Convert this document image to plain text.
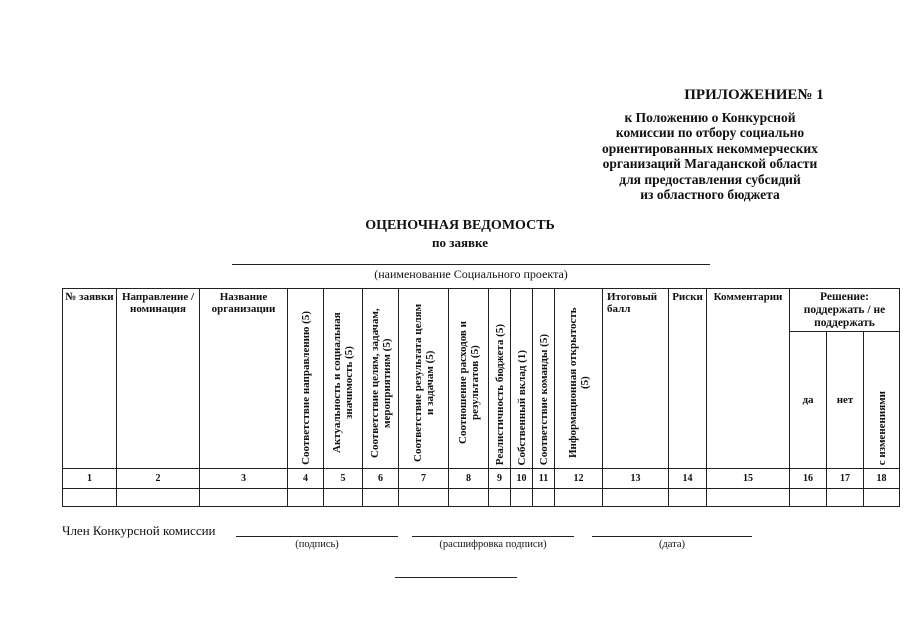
ПРИЛОЖЕНИЕ№ 1
к Положению о Конкурсной
комиссии по отбору социально
ориентированных некоммерческих
организаций Магаданской области
для предоставления субсидий
из областного бюджета
ОЦЕНОЧНАЯ ВЕДОМОСТЬ
по заявке
(наименование Социального проекта)
№ заявки	Направление / номинация	Название организации	Соответствие направлению (5)	Актуальность и социальная значимость (5)	Соответствие целям, задачам, мероприятиям (5)	Соответствие результата целям и задачам (5)	Соотношение расходов и результатов (5)	Реалистичность бюджета (5)	Собственный вклад (1)	Соответствие команды (5)	Информационная открытость (5)	Итоговый балл	Риски	Комментарии	Решение: поддержать / не поддержать		
															да	нет	с изменениями
1	2	3	4	5	6	7	8	9	10	11	12	13	14	15	16	17	18

Член Конкурсной комиссии
(подпись)	(расшифровка подписи)	(дата)
